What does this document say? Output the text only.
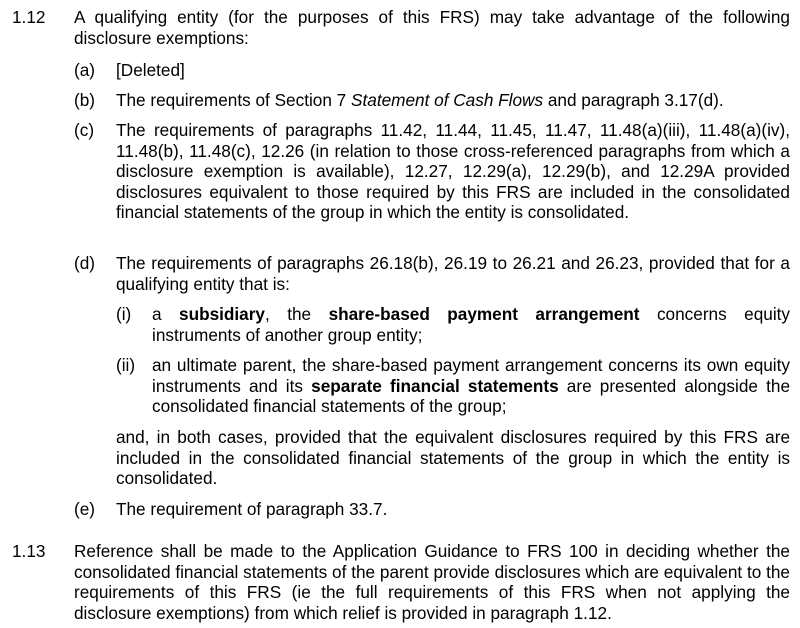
1.12 A qualifying entity (for the purposes of this FRS) may take advantage of the following disclosure exemptions:
(a) [Deleted]
(b) The requirements of Section 7 Statement of Cash Flows and paragraph 3.17(d).
(c) The requirements of paragraphs 11.42, 11.44, 11.45, 11.47, 11.48(a)(iii), 11.48(a)(iv), 11.48(b), 11.48(c), 12.26 (in relation to those cross-referenced paragraphs from which a disclosure exemption is available), 12.27, 12.29(a), 12.29(b), and 12.29A provided disclosures equivalent to those required by this FRS are included in the consolidated financial statements of the group in which the entity is consolidated.
(d) The requirements of paragraphs 26.18(b), 26.19 to 26.21 and 26.23, provided that for a qualifying entity that is:
(i) a subsidiary, the share-based payment arrangement concerns equity instruments of another group entity;
(ii) an ultimate parent, the share-based payment arrangement concerns its own equity instruments and its separate financial statements are presented alongside the consolidated financial statements of the group;
and, in both cases, provided that the equivalent disclosures required by this FRS are included in the consolidated financial statements of the group in which the entity is consolidated.
(e) The requirement of paragraph 33.7.
1.13 Reference shall be made to the Application Guidance to FRS 100 in deciding whether the consolidated financial statements of the parent provide disclosures which are equivalent to the requirements of this FRS (ie the full requirements of this FRS when not applying the disclosure exemptions) from which relief is provided in paragraph 1.12.
